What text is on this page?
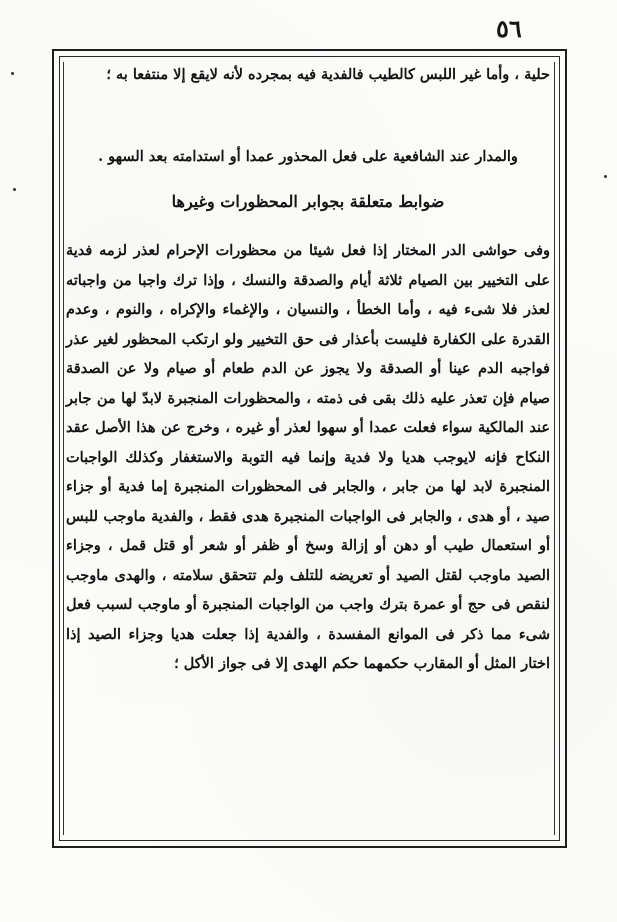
٥٦
حلية ، وأما غير اللبس كالطيب فالفدية فيه بمجرده لأنه لايقع إلا منتفعا به ؛
والمدار عند الشافعية على فعل المحذور عمدا أو استدامته بعد السهو .
ضوابط متعلقة بجوابر المحظورات وغيرها
وفى حواشى الدر المختار إذا فعل شيئا من محظورات الإحرام لعذر لزمه فدية على التخيير بين الصيام ثلاثة أيام والصدقة والنسك ، وإذا ترك واجبا من واجباته لعذر فلا شىء فيه ، وأما الخطأ ، والنسيان ، والإغماء والإكراه ، والنوم ، وعدم القدرة على الكفارة فليست بأعذار فى حق التخيير ولو ارتكب المحظور لغير عذر فواجبه الدم عينا أو الصدقة ولا يجوز عن الدم طعام أو صيام ولا عن الصدقة صيام فإن تعذر عليه ذلك بقى فى ذمته ، والمحظورات المنجبرة لابدّ لها من جابر عند المالكية سواء فعلت عمدا أو سهوا لعذر أو غيره ، وخرج عن هذا الأصل عقد النكاح فإنه لايوجب هديا ولا فدية وإنما فيه التوبة والاستغفار وكذلك الواجبات المنجبرة لابد لها من جابر ، والجابر فى المحظورات المنجبرة إما فدية أو جزاء صيد ، أو هدى ، والجابر فى الواجبات المنجبرة هدى فقط ، والفدية ماوجب للبس أو استعمال طيب أو دهن أو إزالة وسخ أو ظفر أو شعر أو قتل قمل ، وجزاء الصيد ماوجب لقتل الصيد أو تعريضه للتلف ولم تتحقق سلامته ، والهدى ماوجب لنقص فى حج أو عمرة بترك واجب من الواجبات المنجبرة أو ماوجب لسبب فعل شىء مما ذكر فى الموانع المفسدة ، والفدية إذا جعلت هديا وجزاء الصيد إذا اختار المثل أو المقارب حكمهما حكم الهدى إلا فى جواز الأكل ؛
